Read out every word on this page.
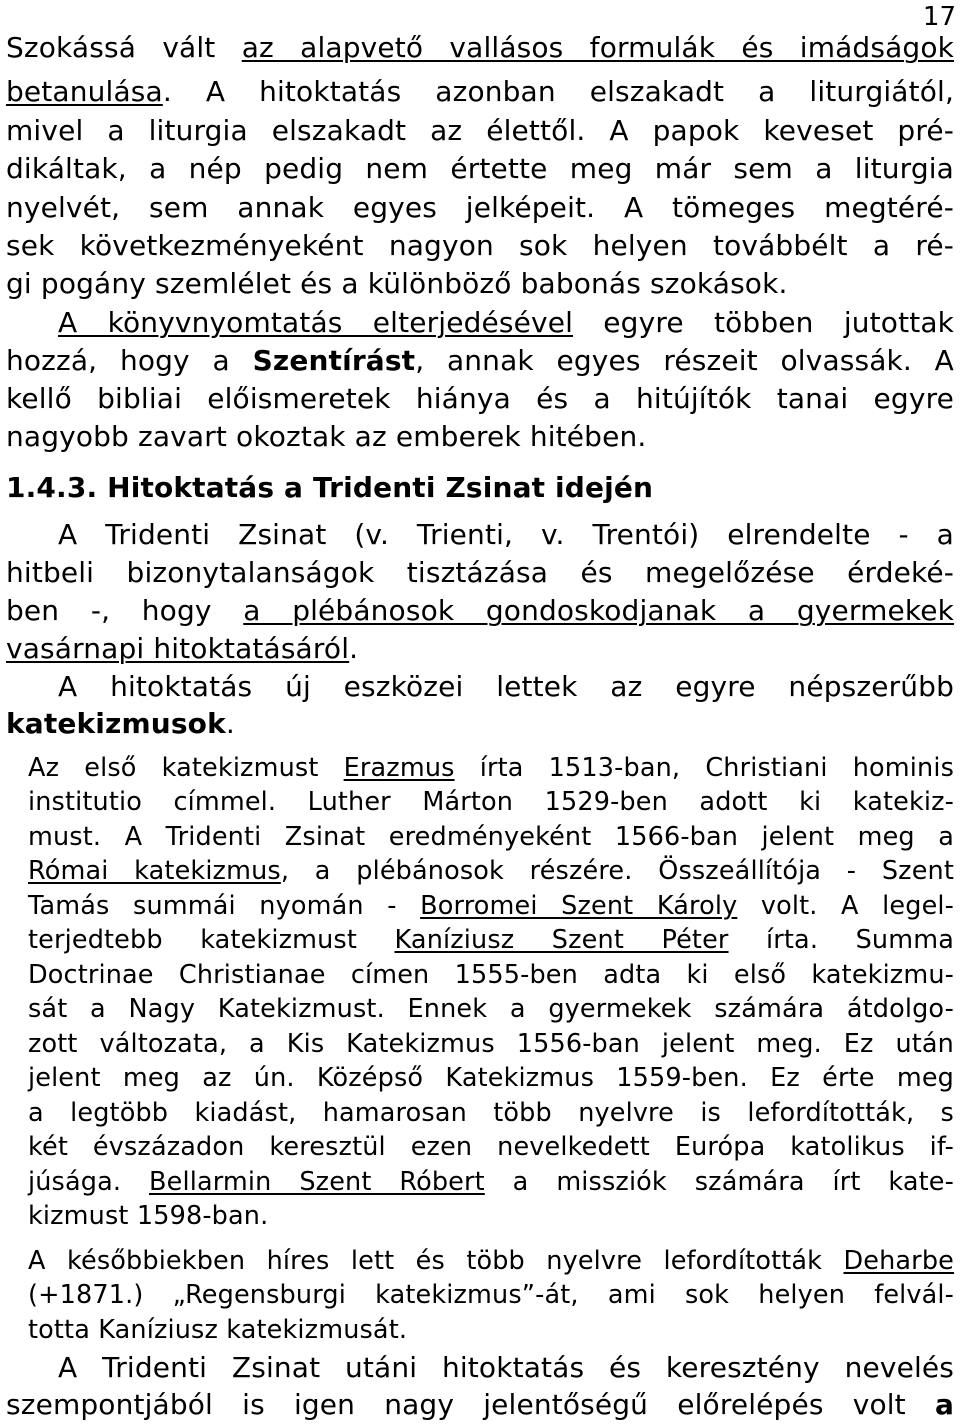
17
Szokássá vált az alapvető vallásos formulák és imádságok
betanulása. A hitoktatás azonban elszakadt a liturgiától,
mivel a liturgia elszakadt az élettől. A papok keveset pré-
dikáltak, a nép pedig nem értette meg már sem a liturgia
nyelvét, sem annak egyes jelképeit. A tömeges megtéré-
sek következményeként nagyon sok helyen továbbélt a ré-
gi pogány szemlélet és a különböző babonás szokások.
A könyvnyomtatás elterjedésével egyre többen jutottak
hozzá, hogy a Szentírást, annak egyes részeit olvassák. A
kellő bibliai előismeretek hiánya és a hitújítók tanai egyre
nagyobb zavart okoztak az emberek hitében.
1.4.3. Hitoktatás a Tridenti Zsinat idején
A Tridenti Zsinat (v. Trienti, v. Trentói) elrendelte - a
hitbeli bizonytalanságok tisztázása és megelőzése érdeké-
ben -, hogy a plébánosok gondoskodjanak a gyermekek
vasárnapi hitoktatásáról.
A hitoktatás új eszközei lettek az egyre népszerűbb
katekizmusok.
Az első katekizmust Erazmus írta 1513-ban, Christiani hominis
institutio címmel. Luther Márton 1529-ben adott ki katekiz-
must. A Tridenti Zsinat eredményeként 1566-ban jelent meg a
Római katekizmus, a plébánosok részére. Összeállítója - Szent
Tamás summái nyomán - Borromei Szent Károly volt. A legel-
terjedtebb katekizmust Kaníziusz Szent Péter írta. Summa
Doctrinae Christianae címen 1555-ben adta ki első katekizmu-
sát a Nagy Katekizmust. Ennek a gyermekek számára átdolgo-
zott változata, a Kis Katekizmus 1556-ban jelent meg. Ez után
jelent meg az ún. Középső Katekizmus 1559-ben. Ez érte meg
a legtöbb kiadást, hamarosan több nyelvre is lefordították, s
két évszázadon keresztül ezen nevelkedett Európa katolikus if-
júsága. Bellarmin Szent Róbert a missziók számára írt kate-
kizmust 1598-ban.
A későbbiekben híres lett és több nyelvre lefordították Deharbe
(+1871.) „Regensburgi katekizmus”-át, ami sok helyen felvál-
totta Kaníziusz katekizmusát.
A Tridenti Zsinat utáni hitoktatás és keresztény nevelés
szempontjából is igen nagy jelentőségű előrelépés volt a
